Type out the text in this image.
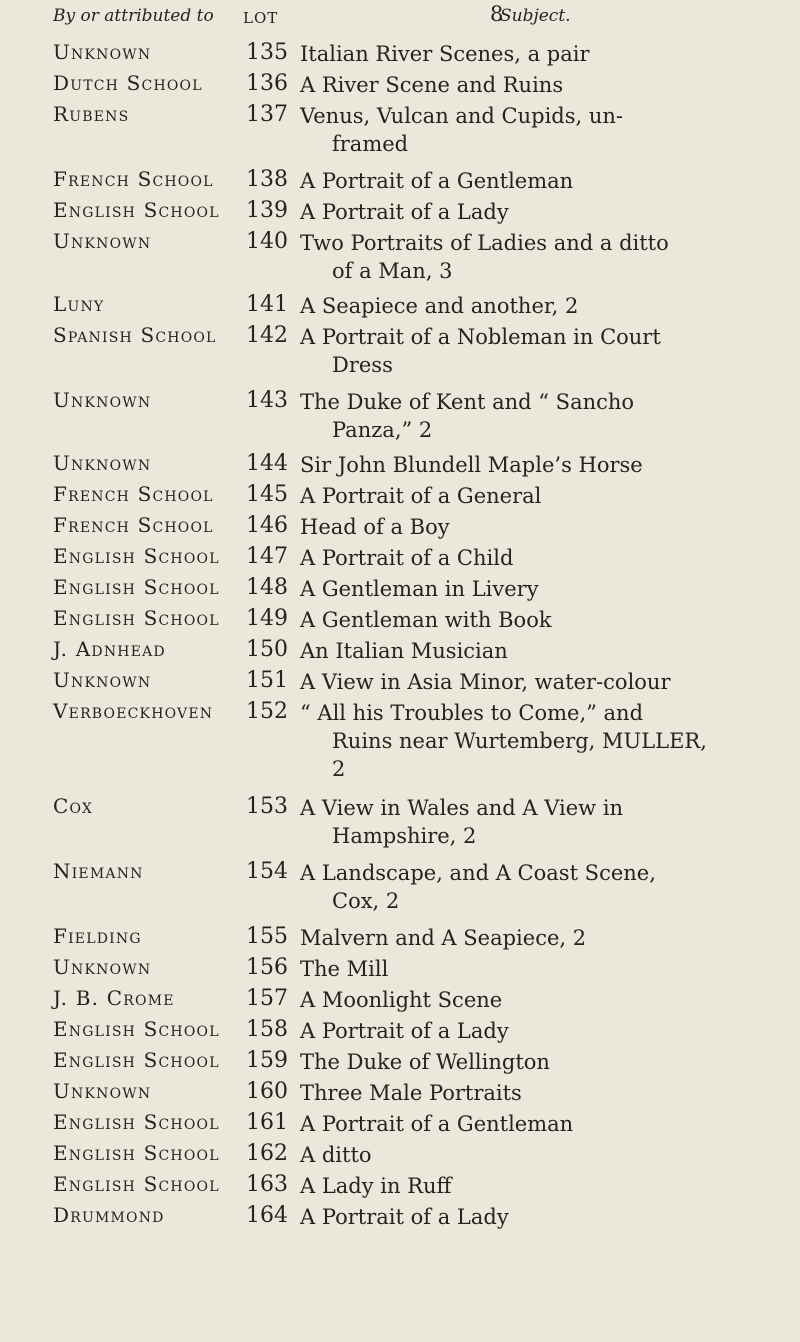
8
By or attributed to LOT	Subject.
Unknown	135 Italian River Scenes, a pair
Dutch School 136 A River Scene and Ruins
Rubens	137 Venus, Vulcan and Cupids, un-
framed
French School 138 A Portrait of a Gentleman
English School 139 A Portrait of a Lady
Unknown	140 Two Portraits of Ladies and a ditto
of a Man, 3
Luny	141 A Seapiece and another, 2
Spanish School 142 A Portrait of a Nobleman in Court
Dress
Unknown	143 The Duke of Kent and “ Sancho
Panza,” 2
Unknown	144 Sir John Blundell Maple’s Horse
French School 145 A Portrait of a General
French School 146 Head of a Boy
English School 147 A Portrait of a Child
English School 148 A Gentleman in Livery
English School 149 A Gentleman with Book
J. Adnhead	150 An Italian Musician
Unknown	151 A View in Asia Minor, water-colour
Verboeckhoven 152 “ All his Troubles to Come,” and
Ruins near Wurtemberg, MULLER,
2
Cox	153 A View in Wales and A View in
Hampshire, 2
Niemann	154 A Landscape, and A Coast Scene,
Cox, 2
Fielding	155 Malvern and A Seapiece, 2
Unknown	156 The Mill
J. B. Crome	157 A Moonlight Scene
English School 158 A Portrait of a Lady
English School 159 The Duke of Wellington
Unknown	160 Three Male Portraits
English School 161 A Portrait of a Gentleman
English School 162 A ditto
English School 163 A Lady in Ruff
Drummond	164 A Portrait of a Lady
